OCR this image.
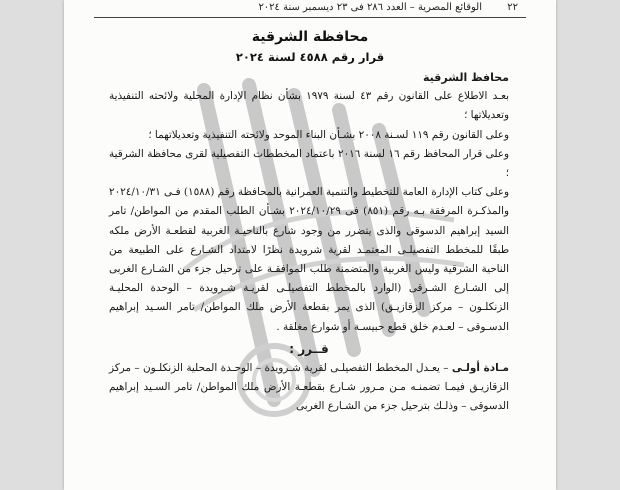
٢٢
الوقائع المصرية – العدد ٢٨٦ فى ٢٣ ديسمبر سنة ٢٠٢٤
محافظة الشرقية
قرار رقم ٤٥٨٨ لسنة ٢٠٢٤

محافظ الشرقية

بعـد الاطلاع على القانون رقم ٤٣ لسنة ١٩٧٩ بشأن نظام الإدارة المحلية ولائحته التنفيذية وتعديلاتها ؛

وعلى القانون رقم ١١٩ لسـنة ٢٠٠٨ بشـأن البناء الموحد ولائحته التنفيذية وتعديلاتهما ؛

وعلى قرار المحافظ رقم ١٦ لسنة ٢٠١٦ باعتماد المخططات التفصيلية لقرى محافظة الشرقية ؛

وعلى كتاب الإدارة العامة للتخطيط والتنمية العمرانية بالمحافظة رقم (١٥٨٨) فـى ٢٠٢٤/١٠/٣١ والمذكـرة المرفقة بـه رقم (٨٥١) فى ٢٠٢٤/١٠/٢٩ بشـأن الطلب المقدم من المواطن/ تامر السيد إبراهيم الدسوقى والذى يتضرر من وجود شارع بالناحيـة الغربية لقطعـة الأرض ملكه طبقًا للمخطط التفصيلـى المعتمـد لقرية شرويدة نظرًا لامتداد الشـارع على الطبيعة من الناحية الشرقية وليس الغربية والمتضمنة طلب الموافقـة على ترحيل جزء من الشـارع الغربى إلى الشـارع الشـرقى (الوارد بالمخطط التفصيلـى لقريـة شـرويدة – الوحدة المحليـة الزنكلـون – مركز الزقازيـق) الذى يمر بقطعة الأرض ملك المواطن/ تامر السـيد إبراهيم الدسـوقى – لعـدم خلق قطع حبيسـة أو شوارع مغلقة .

قــرر :

مـادة أولـى – يعـدل المخطط التفصيلـى لقرية شـرويدة – الوحـدة المحلية الزنكلـون – مركز الزقازيـق فيمـا تضمنـه مـن مـرور شـارع بقطعـة الأرض ملك المواطن/ تامر السـيد إبراهيم الدسوقى – وذلـك بترحيل جزء من الشـارع الغربى
